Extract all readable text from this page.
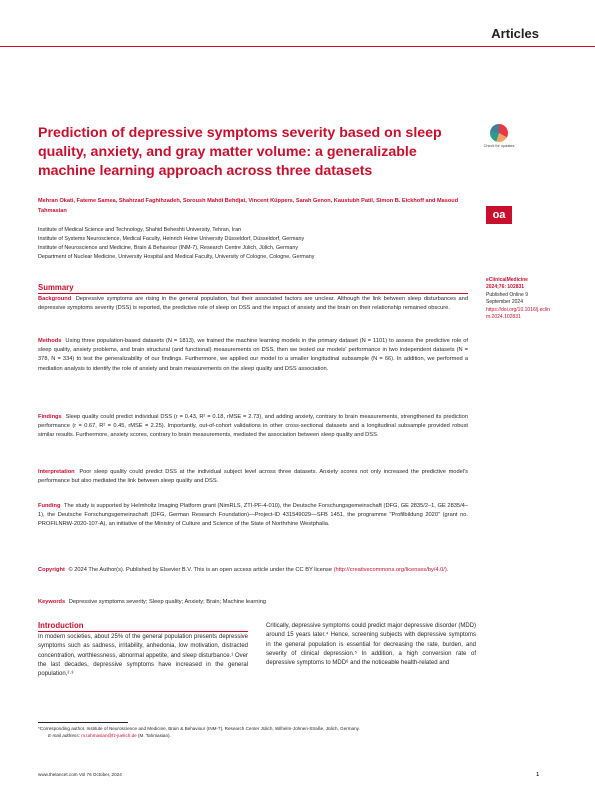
Articles
Prediction of depressive symptoms severity based on sleep quality, anxiety, and gray matter volume: a generalizable machine learning approach across three datasets
Mehran Okati, Fateme Samea, Shahrzad Faghihzadeh, Soroush Mahdi Behdjat, Vincent Küppers, Sarah Genon, Kaustubh Patil, Simon B. Eickhoff and Masoud Tahmasian

Institute of Medical Science and Technology, Shahid Beheshti University, Tehran, Iran

Institute of Systems Neuroscience, Medical Faculty, Heinrich Heine University Düsseldorf, Düsseldorf, Germany

Institute of Neuroscience and Medicine, Brain & Behaviour (INM-7), Research Centre Jülich, Jülich, Germany

Department of Nuclear Medicine, University Hospital and Medical Faculty, University of Cologne, Cologne, Germany

Check for updates
oa
eClinicalMedicine
2024;76: 102831
Published Online 9
September 2024
https://doi.org/10.1016/j.eclinm.2024.102831
Summary

Background Depressive symptoms are rising in the general population, but their associated factors are unclear. Although the link between sleep disturbances and depressive symptoms severity (DSS) is reported, the predictive role of sleep on DSS and the impact of anxiety and the brain on their relationship remained obscure.

Methods Using three population-based datasets (N = 1813), we trained the machine learning models in the primary dataset (N = 1101) to assess the predictive role of sleep quality, anxiety problems, and brain structural (and functional) measurements on DSS, then we tested our models' performance in two independent datasets (N = 378, N = 334) to test the generalizability of our findings. Furthermore, we applied our model to a smaller longitudinal subsample (N = 66). In addition, we performed a mediation analysis to identify the role of anxiety and brain measurements on the sleep quality and DSS association.

Findings Sleep quality could predict individual DSS (r = 0.43, R² = 0.18, rMSE = 2.73), and adding anxiety, contrary to brain measurements, strengthened its prediction performance (r = 0.67, R² = 0.45, rMSE = 2.25). Importantly, out-of-cohort validations in other cross-sectional datasets and a longitudinal subsample provided robust similar results. Furthermore, anxiety scores, contrary to brain measurements, mediated the association between sleep quality and DSS.

Interpretation Poor sleep quality could predict DSS at the individual subject level across three datasets. Anxiety scores not only increased the predictive model's performance but also mediated the link between sleep quality and DSS.

Funding The study is supported by Helmholtz Imaging Platform grant (NimRLS, ZTI-PF-4-010), the Deutsche Forschungsgemeinschaft (DFG, GE 2835/2–1, GE 2835/4–1), the Deutsche Forschungsgemeinschaft (DFG, German Research Foundation)—Project-ID 431549029—SFB 1451, the programme "Profilbildung 2020" (grant no. PROFILNRW-2020-107-A), an initiative of the Ministry of Culture and Science of the State of Northrhine Westphalia.

Copyright © 2024 The Author(s). Published by Elsevier B.V. This is an open access article under the CC BY license (http://creativecommons.org/licenses/by/4.0/).

Keywords Depressive symptoms severity; Sleep quality; Anxiety; Brain; Machine learning

Introduction

In modern societies, about 25% of the general population presents depressive symptoms such as sadness, irritability, anhedonia, low motivation, distracted concentration, worthlessness, abnormal appetite, and sleep disturbance.¹ Over the last decades, depressive symptoms have increased in the general population,²·³

Critically, depressive symptoms could predict major depressive disorder (MDD) around 15 years later.⁴ Hence, screening subjects with depressive symptoms in the general population is essential for decreasing the rate, burden, and severity of clinical depression.⁵ In addition, a high conversion rate of depressive symptoms to MDD⁶ and the noticeable health-related and

*Corresponding author. Institute of Neuroscience and Medicine, Brain & Behaviour (INM-7), Research Center Jülich, Wilhelm-Johnen-Straße, Jülich, Germany.

E-mail address: m.tahmasian@fz-juelich.de (M. Tahmasian).

www.thelancet.com Vol 76 October, 2024	1
